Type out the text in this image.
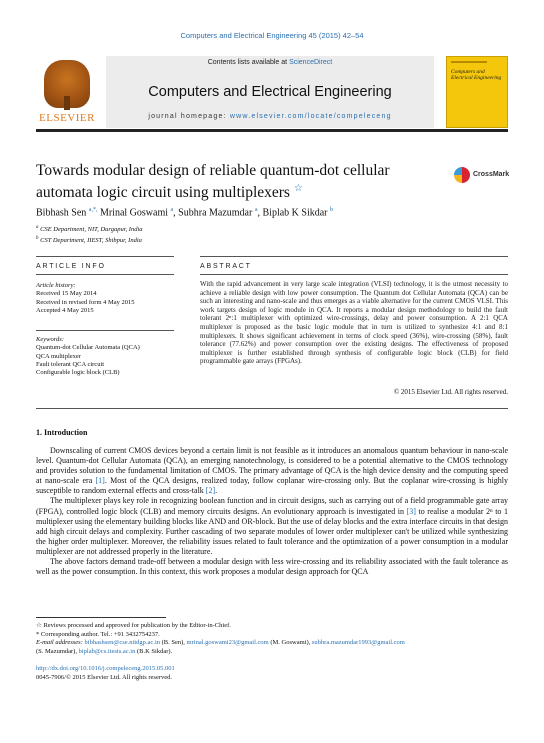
Computers and Electrical Engineering 45 (2015) 42–54
ELSEVIER
Contents lists available at ScienceDirect
Computers and Electrical Engineering
journal homepage: www.elsevier.com/locate/compeleceng
Computers and Electrical Engineering
Towards modular design of reliable quantum-dot cellular automata logic circuit using multiplexers ☆
CrossMark
Bibhash Sen $^{a,*,}$ Mrinal Goswami $^a$, Subhra Mazumdar $^a$, Biplab K Sikdar $^b$
$^a$ CSE Department, NIT, Durgapur, India
$^b$ CST Department, IIEST, Shibpur, India
ARTICLE INFO	ABSTRACT
Article history:
Received 15 May 2014
Received in revised form 4 May 2015
Accepted 4 May 2015
Keywords:
Quantum-dot Cellular Automata (QCA)
QCA multiplexer
Fault tolerant QCA circuit
Configurable logic block (CLB)
With the rapid advancement in very large scale integration (VLSI) technology, it is the utmost necessity to achieve a reliable design with low power consumption. The Quantum dot Cellular Automata (QCA) can be such an interesting and nano-scale and thus emerges as a viable alternative for the current CMOS VLSI. This work targets design of logic module in QCA. It reports a modular design methodology to build the fault tolerant 2ⁿ:1 multiplexer with optimized wire-crossings, delay and power consumption. A 2:1 QCA multiplexer is proposed as the basic logic module that in turn is utilized to synthesize 4:1 and 8:1 multiplexers. It shows significant achievement in terms of clock speed (36%), wire-crossing (58%), fault tolerance (77.62%) and power consumption over the existing designs. The effectiveness of proposed multiplexer is further established through synthesis of configurable logic block (CLB) for field programmable gate arrays (FPGAs).
© 2015 Elsevier Ltd. All rights reserved.
1. Introduction

Downscaling of current CMOS devices beyond a certain limit is not feasible as it introduces an anomalous quantum behaviour in nano-scale level. Quantum-dot Cellular Automata (QCA), an emerging nanotechnology, is considered to be a potential alternative to the CMOS technology and provides solution to the fundamental limitation of CMOS. The primary advantage of QCA is the high device density and the computing speed at nano-scale era [1]. Most of the QCA designs, realized today, follow coplanar wire-crossing only. But the coplanar wire-crossing is highly susceptible to random external effects and cross-talk [2].

The multiplexer plays key role in recognizing boolean function and in circuit designs, such as carrying out of a field programmable gate array (FPGA), controlled logic block (CLB) and memory circuits designs. An evolutionary approach is investigated in [3] to realise a modular 2ⁿ to 1 multiplexer using the elementary building blocks like AND and OR-block. But the use of delay blocks and the extra interface circuits in that design add high circuit delays and complexity. Further cascading of two separate modules of lower order multiplexer can't be utilized while synthesizing the higher order multiplexer. Moreover, the reliability issues related to fault tolerance and the optimization of a power consumption in a modular multiplexer are not addressed properly in the literature.

The above factors demand trade-off between a modular design with less wire-crossing and its reliability associated with the fault tolerance as well as the power consumption. In this context, this work proposes a modular design approach for QCA

☆ Reviews processed and approved for publication by the Editor-in-Chief.
* Corresponding author. Tel.: +91 3432754237.
E-mail addresses: bibhashsen@cse.nitdgp.ac.in (B. Sen), mrinal.goswami23@gmail.com (M. Goswami), subhra.mazumdar1993@gmail.com
(S. Mazumdar), biplab@cs.iiests.ac.in (B.K Sikdar).
http://dx.doi.org/10.1016/j.compeleceng.2015.05.001
0045-7906/© 2015 Elsevier Ltd. All rights reserved.
